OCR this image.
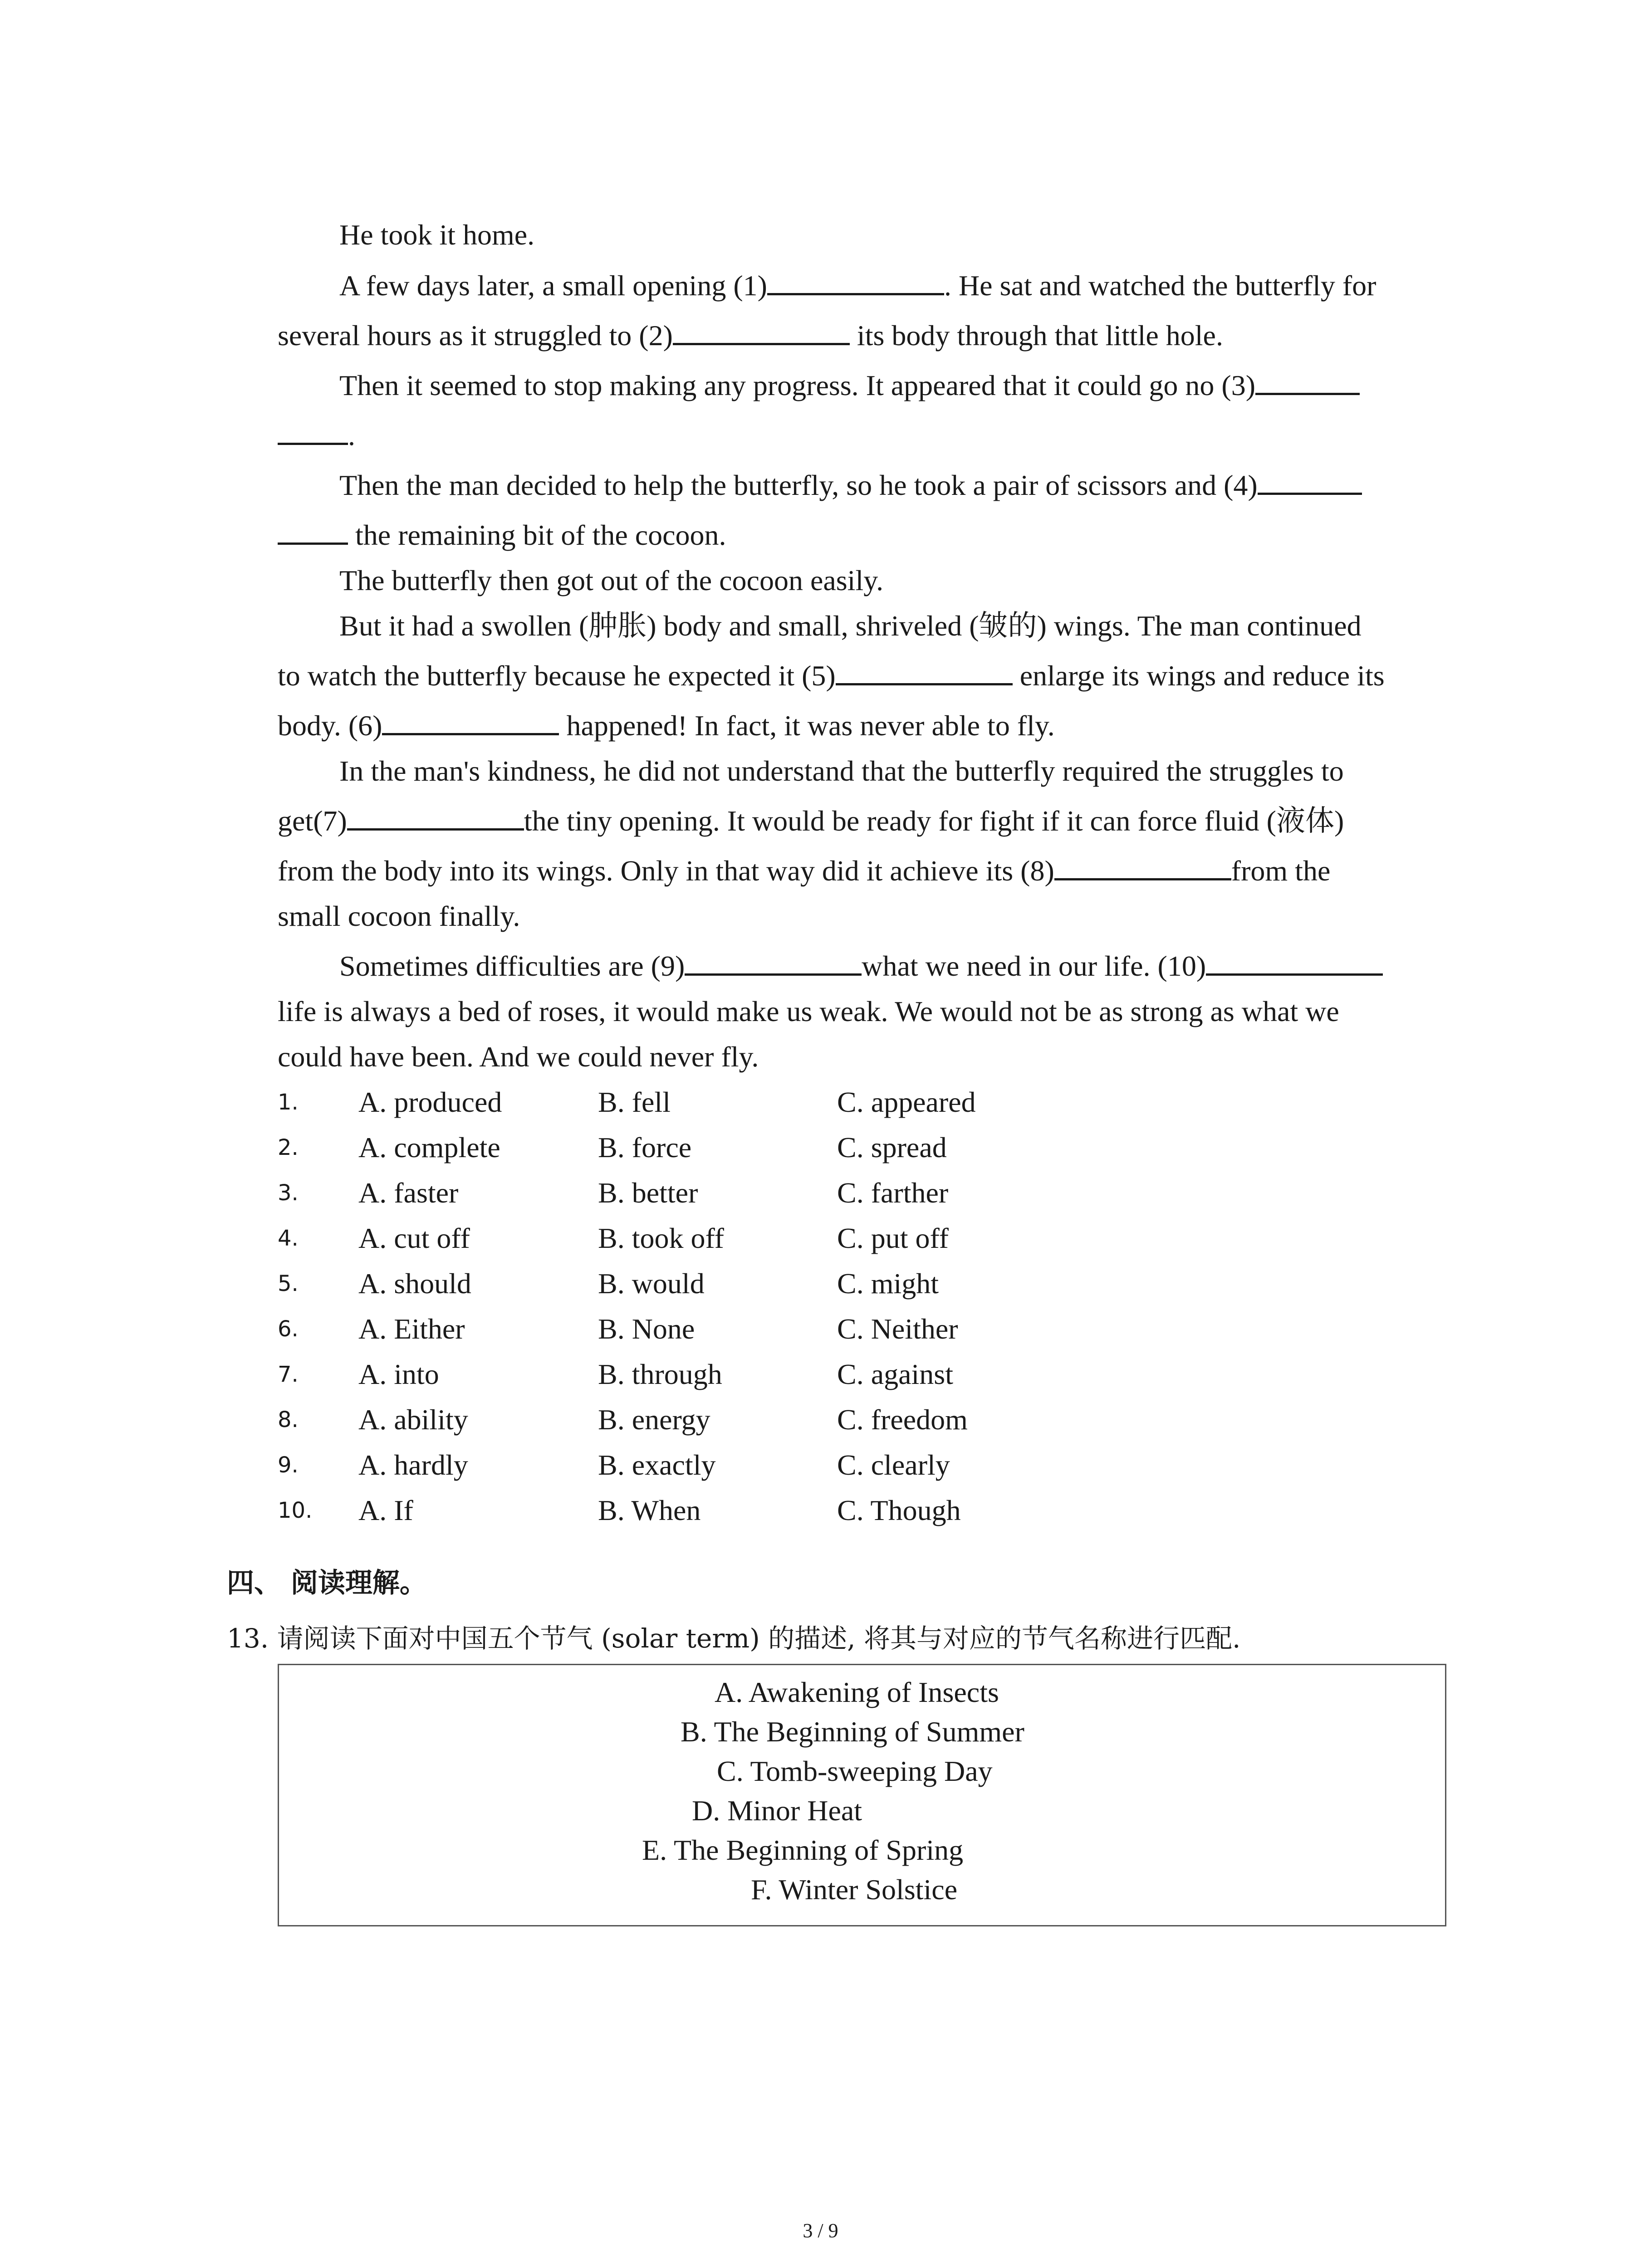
He took it home.

A few days later, a small opening (1)	. He sat and watched the butterfly for

several hours as it struggled to (2)	its body through that little hole.

Then it seemed to stop making any progress. It appeared that it could go no (3)

.

Then the man decided to help the butterfly, so he took a pair of scissors and (4)

the remaining bit of the cocoon.

The butterfly then got out of the cocoon easily.

But it had a swollen (肿胀) body and small, shriveled (皱的) wings. The man continued

to watch the butterfly because he expected it (5)	enlarge its wings and reduce its

body. (6)	happened! In fact, it was never able to fly.

In the man's kindness, he did not understand that the butterfly required the struggles to

get(7)	the tiny opening. It would be ready for fight if it can force fluid (液体)

from the body into its wings. Only in that way did it achieve its (8)	from the

small cocoon finally.

Sometimes difficulties are (9)	what we need in our life. (10)

life is always a bed of roses, it would make us weak. We would not be as strong as what we

could have been. And we could never fly.

1. A. produced	B. fell	C. appeared
2. A. complete	B. force	C. spread
3. A. faster	B. better	C. farther
4. A. cut off	B. took off	C. put off
5. A. should	B. would	C. might
6. A. Either	B. None	C. Neither
7. A. into	B. through	C. against
8. A. ability	B. energy	C. freedom
9. A. hardly	B. exactly	C. clearly
10. A. If	B. When	C. Though
四、 阅读理解。
13. 请阅读下面对中国五个节气 (solar term) 的描述, 将其与对应的节气名称进行匹配.
A. Awakening of Insects
B. The Beginning of Summer
C. Tomb-sweeping Day
D. Minor Heat
E. The Beginning of Spring
F. Winter Solstice
3 / 9
